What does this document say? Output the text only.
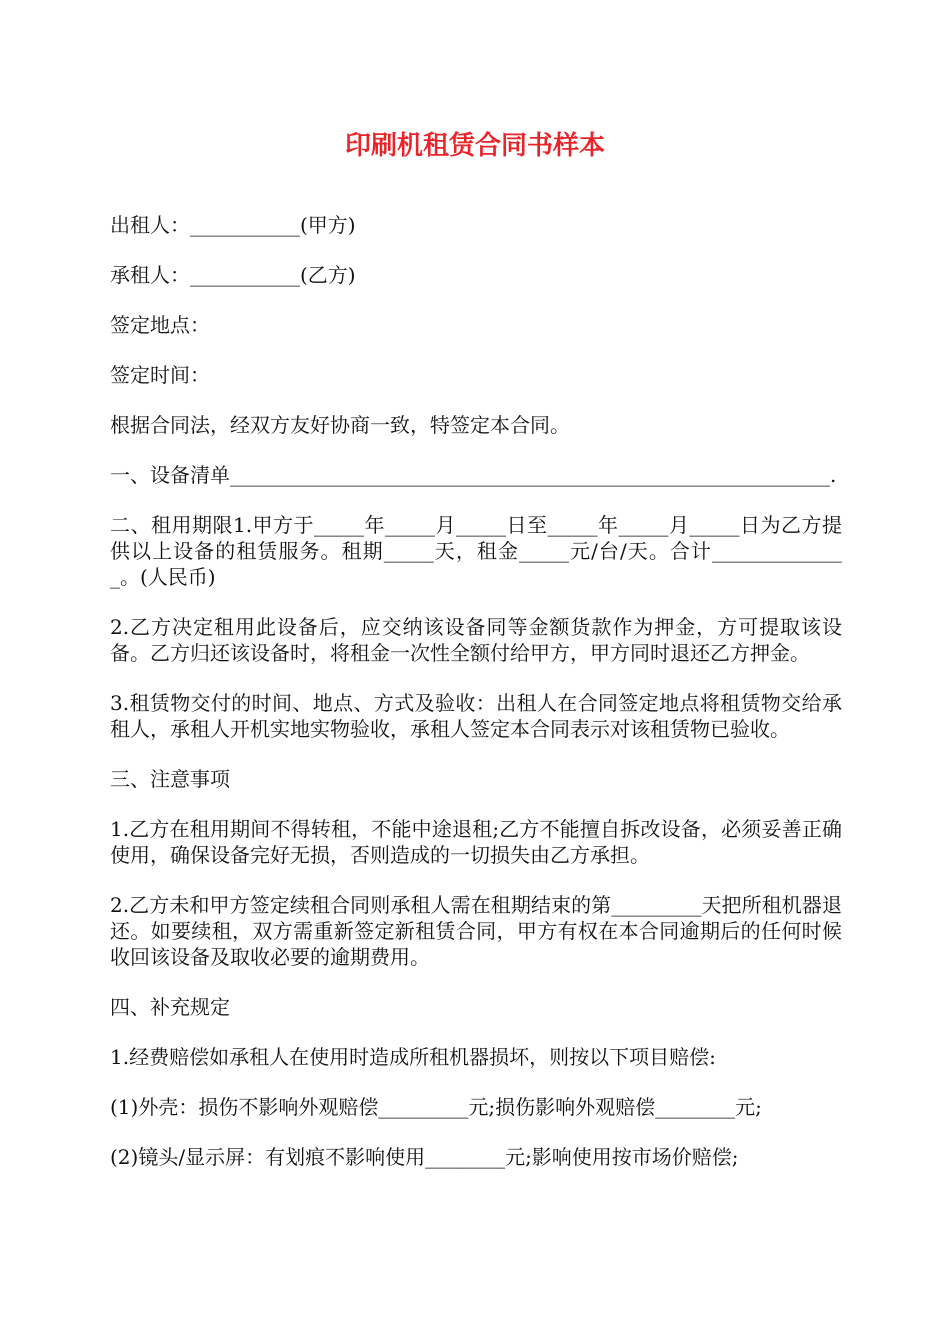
印刷机租赁合同书样本

出租人：___________(甲方)

承租人：___________(乙方)

签定地点：

签定时间：

根据合同法，经双方友好协商一致，特签定本合同。

一、设备清单____________________________________________________________.

二、租用期限1.甲方于_____年_____月_____日至_____年_____月_____日为乙方提供以上设备的租赁服务。租期_____天，租金_____元/台/天。合计______________。(人民币)

2.乙方决定租用此设备后，应交纳该设备同等金额货款作为押金，方可提取该设备。乙方归还该设备时，将租金一次性全额付给甲方，甲方同时退还乙方押金。

3.租赁物交付的时间、地点、方式及验收：出租人在合同签定地点将租赁物交给承租人，承租人开机实地实物验收，承租人签定本合同表示对该租赁物已验收。

三、注意事项

1.乙方在租用期间不得转租，不能中途退租;乙方不能擅自拆改设备，必须妥善正确使用，确保设备完好无损，否则造成的一切损失由乙方承担。

2.乙方未和甲方签定续租合同则承租人需在租期结束的第_________天把所租机器退还。如要续租，双方需重新签定新租赁合同，甲方有权在本合同逾期后的任何时候收回该设备及取收必要的逾期费用。

四、补充规定

1.经费赔偿如承租人在使用时造成所租机器损坏，则按以下项目赔偿:

(1)外壳：损伤不影响外观赔偿_________元;损伤影响外观赔偿________元;

(2)镜头/显示屏：有划痕不影响使用________元;影响使用按市场价赔偿;
